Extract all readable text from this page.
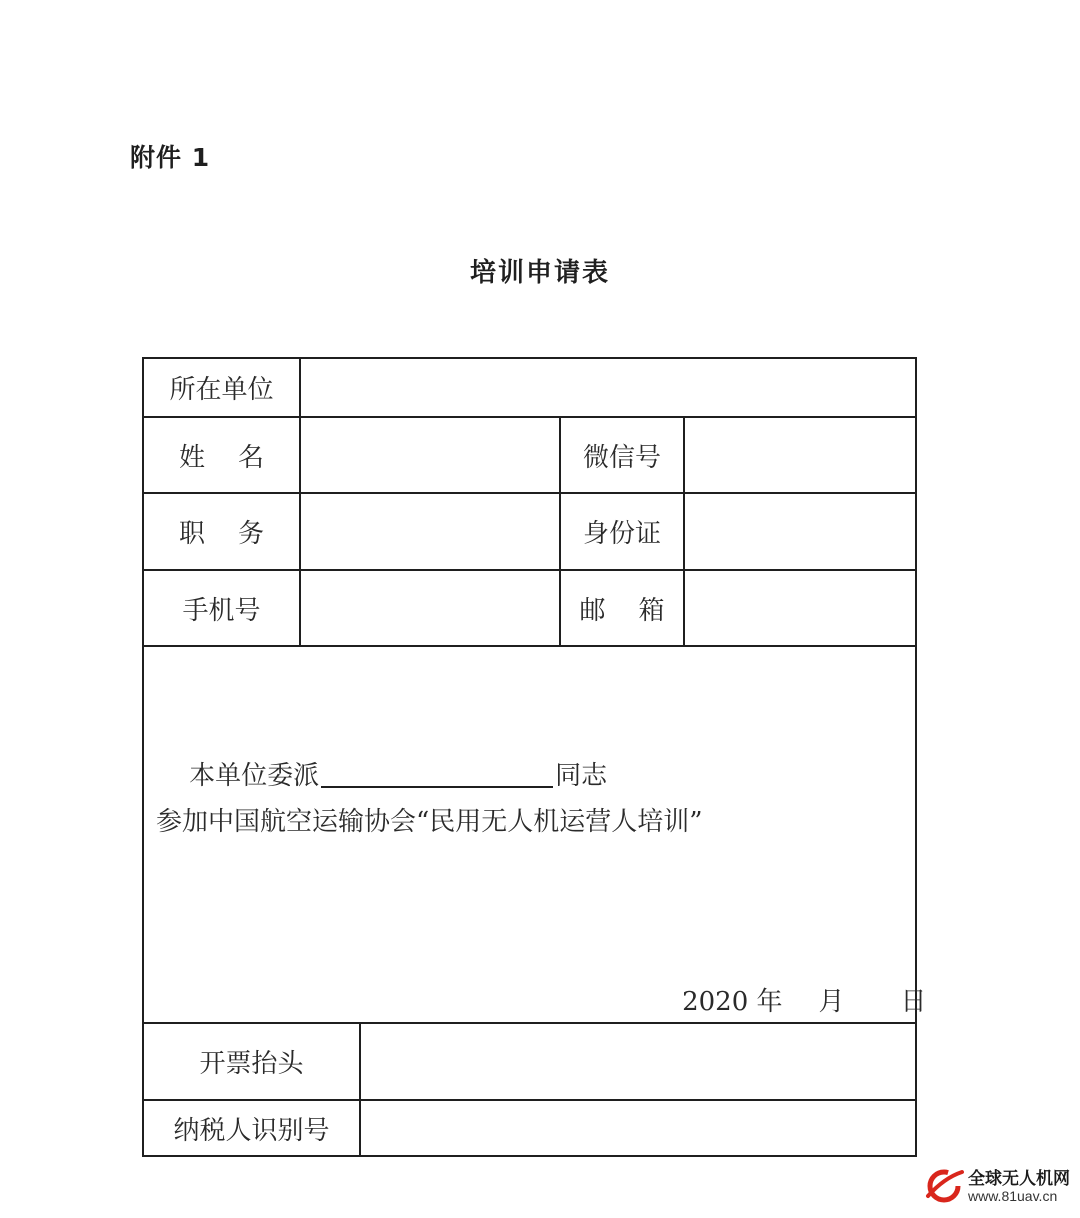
附件 1
培训申请表
所在单位
姓    名	微信号
职    务	身份证
手机号	邮    箱

本单位委派	同志

参加中国航空运输协会“民用无人机运营人培训”

2020 年 月 日

开票抬头
纳税人识别号
全球无人机网
www.81uav.cn
